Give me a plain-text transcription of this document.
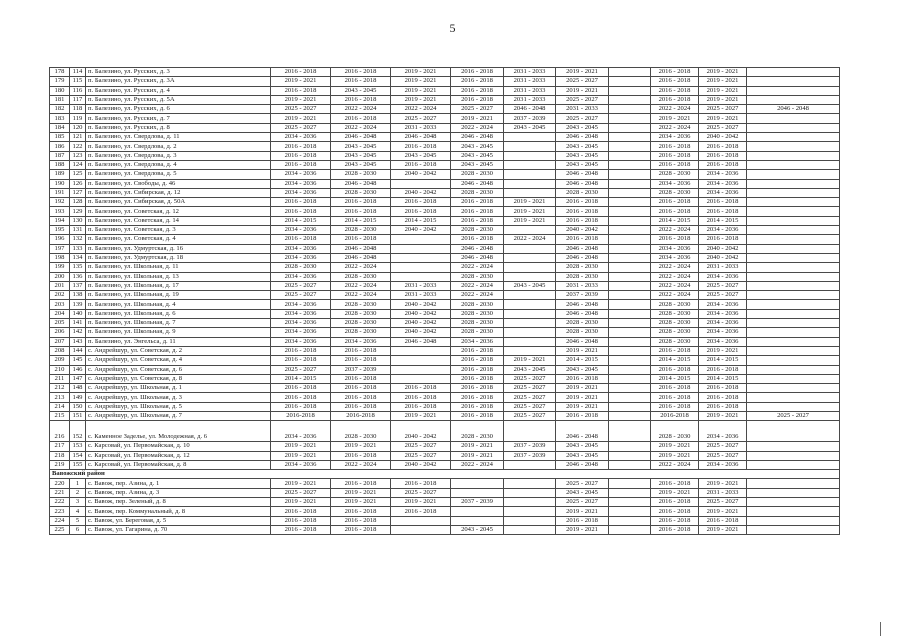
5
178	114	п. Балезино, ул. Русских, д. 3	2016 - 2018	2016 - 2018	2019 - 2021	2016 - 2018	2031 - 2033	2019 - 2021		2016 - 2018	2019 - 2021	
179	115	п. Балезино, ул. Русских, д. 3А	2019 - 2021	2016 - 2018	2019 - 2021	2016 - 2018	2031 - 2033	2025 - 2027		2016 - 2018	2019 - 2021	
180	116	п. Балезино, ул. Русских, д. 4	2016 - 2018	2043 - 2045	2019 - 2021	2016 - 2018	2031 - 2033	2019 - 2021		2016 - 2018	2019 - 2021	
181	117	п. Балезино, ул. Русских, д. 5А	2019 - 2021	2016 - 2018	2019 - 2021	2016 - 2018	2031 - 2033	2025 - 2027		2016 - 2018	2019 - 2021	
182	118	п. Балезино, ул. Русских, д. 6	2025 - 2027	2022 - 2024	2022 - 2024	2025 - 2027	2046 - 2048	2031 - 2033		2022 - 2024	2025 - 2027	2046 - 2048
183	119	п. Балезино, ул. Русских, д. 7	2019 - 2021	2016 - 2018	2025 - 2027	2019 - 2021	2037 - 2039	2025 - 2027		2019 - 2021	2019 - 2021	
184	120	п. Балезино, ул. Русских, д. 8	2025 - 2027	2022 - 2024	2031 - 2033	2022 - 2024	2043 - 2045	2043 - 2045		2022 - 2024	2025 - 2027	
185	121	п. Балезино, ул. Свердлова, д. 11	2034 - 2036	2046 - 2048	2046 - 2048	2046 - 2048		2046 - 2048		2034 - 2036	2040 - 2042	
186	122	п. Балезино, ул. Свердлова, д. 2	2016 - 2018	2043 - 2045	2016 - 2018	2043 - 2045		2043 - 2045		2016 - 2018	2016 - 2018	
187	123	п. Балезино, ул. Свердлова, д. 3	2016 - 2018	2043 - 2045	2043 - 2045	2043 - 2045		2043 - 2045		2016 - 2018	2016 - 2018	
188	124	п. Балезино, ул. Свердлова, д. 4	2016 - 2018	2043 - 2045	2016 - 2018	2043 - 2045		2043 - 2045		2016 - 2018	2016 - 2018	
189	125	п. Балезино, ул. Свердлова, д. 5	2034 - 2036	2028 - 2030	2040 - 2042	2028 - 2030		2046 - 2048		2028 - 2030	2034 - 2036	
190	126	п. Балезино, ул. Свободы, д. 46	2034 - 2036	2046 - 2048		2046 - 2048		2046 - 2048		2034 - 2036	2034 - 2036	
191	127	п. Балезино, ул. Сибирская, д. 12	2034 - 2036	2028 - 2030	2040 - 2042	2028 - 2030		2028 - 2030		2028 - 2030	2034 - 2036	
192	128	п. Балезино, ул. Сибирская, д. 50А	2016 - 2018	2016 - 2018	2016 - 2018	2016 - 2018	2019 - 2021	2016 - 2018		2016 - 2018	2016 - 2018	
193	129	п. Балезино, ул. Советская, д. 12	2016 - 2018	2016 - 2018	2016 - 2018	2016 - 2018	2019 - 2021	2016 - 2018		2016 - 2018	2016 - 2018	
194	130	п. Балезино, ул. Советская, д. 14	2014 - 2015	2014 - 2015	2014 - 2015	2016 - 2018	2019 - 2021	2016 - 2018		2014 - 2015	2014 - 2015	
195	131	п. Балезино, ул. Советская, д. 3	2034 - 2036	2028 - 2030	2040 - 2042	2028 - 2030		2040 - 2042		2022 - 2024	2034 - 2036	
196	132	п. Балезино, ул. Советская, д. 4	2016 - 2018	2016 - 2018		2016 - 2018	2022 - 2024	2016 - 2018		2016 - 2018	2016 - 2018	
197	133	п. Балезино, ул. Удмуртская, д. 16	2034 - 2036	2046 - 2048		2046 - 2048		2046 - 2048		2034 - 2036	2040 - 2042	
198	134	п. Балезино, ул. Удмуртская, д. 18	2034 - 2036	2046 - 2048		2046 - 2048		2046 - 2048		2034 - 2036	2040 - 2042	
199	135	п. Балезино, ул. Школьная, д. 11	2028 - 2030	2022 - 2024		2022 - 2024		2028 - 2030		2022 - 2024	2031 - 2033	
200	136	п. Балезино, ул. Школьная, д. 13	2034 - 2036	2028 - 2030		2028 - 2030		2028 - 2030		2022 - 2024	2034 - 2036	
201	137	п. Балезино, ул. Школьная, д. 17	2025 - 2027	2022 - 2024	2031 - 2033	2022 - 2024	2043 - 2045	2031 - 2033		2022 - 2024	2025 - 2027	
202	138	п. Балезино, ул. Школьная, д. 19	2025 - 2027	2022 - 2024	2031 - 2033	2022 - 2024		2037 - 2039		2022 - 2024	2025 - 2027	
203	139	п. Балезино, ул. Школьная, д. 4	2034 - 2036	2028 - 2030	2040 - 2042	2028 - 2030		2046 - 2048		2028 - 2030	2034 - 2036	
204	140	п. Балезино, ул. Школьная, д. 6	2034 - 2036	2028 - 2030	2040 - 2042	2028 - 2030		2046 - 2048		2028 - 2030	2034 - 2036	
205	141	п. Балезино, ул. Школьная, д. 7	2034 - 2036	2028 - 2030	2040 - 2042	2028 - 2030		2028 - 2030		2028 - 2030	2034 - 2036	
206	142	п. Балезино, ул. Школьная, д. 9	2034 - 2036	2028 - 2030	2040 - 2042	2028 - 2030		2028 - 2030		2028 - 2030	2034 - 2036	
207	143	п. Балезино, ул. Энгельса, д. 11	2034 - 2036	2034 - 2036	2046 - 2048	2034 - 2036		2046 - 2048		2028 - 2030	2034 - 2036	
208	144	с. Андрейшур, ул. Советская, д. 2	2016 - 2018	2016 - 2018		2016 - 2018		2019 - 2021		2016 - 2018	2019 - 2021	
209	145	с. Андрейшур, ул. Советская, д. 4	2016 - 2018	2016 - 2018		2016 - 2018	2019 - 2021	2014 - 2015		2014 - 2015	2014 - 2015	
210	146	с. Андрейшур, ул. Советская, д. 6	2025 - 2027	2037 - 2039		2016 - 2018	2043 - 2045	2043 - 2045		2016 - 2018	2016 - 2018	
211	147	с. Андрейшур, ул. Советская, д. 8	2014 - 2015	2016 - 2018		2016 - 2018	2025 - 2027	2016 - 2018		2014 - 2015	2014 - 2015	
212	148	с. Андрейшур, ул. Школьная, д. 1	2016 - 2018	2016 - 2018	2016 - 2018	2016 - 2018	2025 - 2027	2019 - 2021		2016 - 2018	2016 - 2018	
213	149	с. Андрейшур, ул. Школьная, д. 3	2016 - 2018	2016 - 2018	2016 - 2018	2016 - 2018	2025 - 2027	2019 - 2021		2016 - 2018	2016 - 2018	
214	150	с. Андрейшур, ул. Школьная, д. 5	2016 - 2018	2016 - 2018	2016 - 2018	2016 - 2018	2025 - 2027	2019 - 2021		2016 - 2018	2016 - 2018	
215	151	с. Андрейшур, ул. Школьная, д. 7	2016-2018	2016-2018	2019 - 2021	2016 - 2018	2025 - 2027	2016 - 2018		2016-2018	2019 - 2021	2025 - 2027
216	152	с. Каменное Заделье, ул. Молодежная, д. 6	2034 - 2036	2028 - 2030	2040 - 2042	2028 - 2030		2046 - 2048		2028 - 2030	2034 - 2036	
217	153	с. Карсовай, ул. Первомайская, д. 10	2019 - 2021	2019 - 2021	2025 - 2027	2019 - 2021	2037 - 2039	2043 - 2045		2019 - 2021	2025 - 2027	
218	154	с. Карсовай, ул. Первомайская, д. 12	2019 - 2021	2016 - 2018	2025 - 2027	2019 - 2021	2037 - 2039	2043 - 2045		2019 - 2021	2025 - 2027	
219	155	с. Карсовай, ул. Первомайская, д. 8	2034 - 2036	2022 - 2024	2040 - 2042	2022 - 2024		2046 - 2048		2022 - 2024	2034 - 2036	
Вавожский район												
220	1	с. Вавож, пер. Азина, д. 1	2019 - 2021	2016 - 2018	2016 - 2018			2025 - 2027		2016 - 2018	2019 - 2021	
221	2	с. Вавож, пер. Азина, д. 3	2025 - 2027	2019 - 2021	2025 - 2027			2043 - 2045		2019 - 2021	2031 - 2033	
222	3	с. Вавож, пер. Зеленый, д. 8	2019 - 2021	2019 - 2021	2019 - 2021	2037 - 2039		2025 - 2027		2016 - 2018	2025 - 2027	
223	4	с. Вавож, пер. Коммунальный, д. 8	2016 - 2018	2016 - 2018	2016 - 2018			2019 - 2021		2016 - 2018	2019 - 2021	
224	5	с. Вавож, ул. Береговая, д. 5	2016 - 2018	2016 - 2018				2016 - 2018		2016 - 2018	2016 - 2018	
225	6	с. Вавож, ул. Гагарина, д. 70	2016 - 2018	2016 - 2018		2043 - 2045		2019 - 2021		2016 - 2018	2019 - 2021	
